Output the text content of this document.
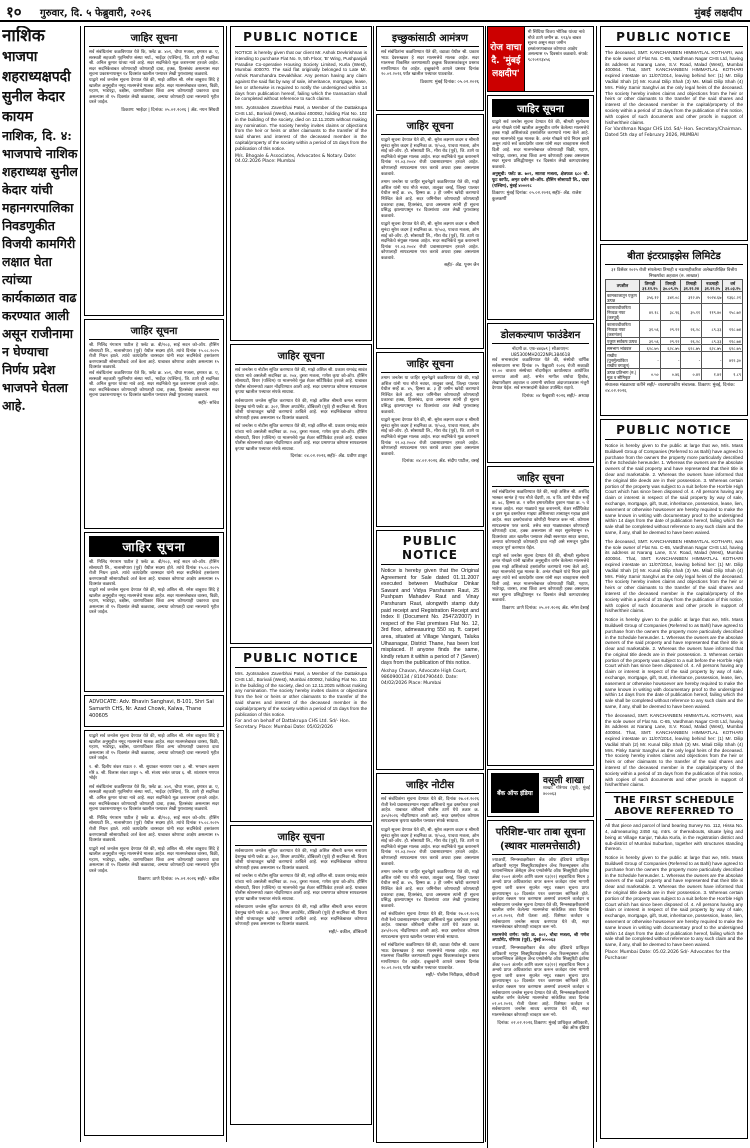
१० गुरुवार, दि. ५ फेब्रुवारी, २०२६	मुंबई लक्षदीप
नाशिक
भाजपा शहराध्यक्षपदी सुनील केदार कायम
नाशिक, दि. ४: भाजपाचे नाशिक शहराध्यक्ष सुनील केदार यांची महानगरपालिका निवडणुकीत विजयी कामगिरी लक्षात घेता त्यांच्या कार्यकाळात वाढ करण्यात आली असून राजीनामा न घेण्याचा निर्णय प्रदेश भाजपने घेतला आहे.
जाहिर सूचना
सर्व संबंधितांना कळविण्यात येते कि, फ्लॅट क्र. ४०१, चौथा मजला, इमारत क्र. ए, सरस्वती सहकारी गृहनिर्माण संस्था मर्या., भाईंदर (पश्चिम), जि. ठाणे ही सदनिका श्री. अनिल कुमार यांच्या नावे आहे. सदर सदनिकेचे मूळ करारनामा हरवले आहेत. सदर सदनिकेबाबत कोणाचाही कोणताही दावा, हक्क, हितसंबंध असल्यास सदर सूचना प्रकाशनापासून १४ दिवसांत खालील पत्त्यावर लेखी पुराव्यासह कळवावे.
याद्वारे सर्व जनतेस सूचना देण्यात येते की, माझे अशिल श्री. रमेश बाबुराव शिंदे हे खालील अनुसूचीत नमूद मालमत्तेचे मालक आहेत. सदर मालमत्तेबाबत वारसा, विक्री, गहाण, भाडेपट्टा, बक्षीस, धारणाधिकार किंवा अन्य कोणत्याही प्रकारचा दावा असल्यास तो १५ दिवसांत लेखी कळवावा, अन्यथा कोणताही दावा नसल्याचे गृहीत धरले जाईल.
ठिकाण: भाईंदर | दिनांक: ०५.०२.२०२६ | ॲड. नयन सिंघवी
जाहिर सूचना
श्री. मिलिंद गंगाराम पाटील हे फ्लॅट क्र. बी/१०३, साई सदन को-ऑप. हौसिंग सोसायटी लि., नालासोपारा (पूर्व) येथील सदस्य होते. त्यांचे दिनांक १५.०८.२०२५ रोजी निधन झाले. त्यांचे कायदेशीर वारसदार यांनी सदर सदनिकेचे हस्तांतरण करण्यासाठी सोसायटीकडे अर्ज केला आहे. याबाबत कोणाचा आक्षेप असल्यास १५ दिवसांत कळवावे.
सर्व संबंधितांना कळविण्यात येते कि, फ्लॅट क्र. ४०१, चौथा मजला, इमारत क्र. ए, सरस्वती सहकारी गृहनिर्माण संस्था मर्या., भाईंदर (पश्चिम), जि. ठाणे ही सदनिका श्री. अनिल कुमार यांच्या नावे आहे. सदर सदनिकेचे मूळ करारनामा हरवले आहेत. सदर सदनिकेबाबत कोणाचाही कोणताही दावा, हक्क, हितसंबंध असल्यास सदर सूचना प्रकाशनापासून १४ दिवसांत खालील पत्त्यावर लेखी पुराव्यासह कळवावे.
सही/- सचिव
जाहिर सूचना
श्री. मिलिंद गंगाराम पाटील हे फ्लॅट क्र. बी/१०३, साई सदन को-ऑप. हौसिंग सोसायटी लि., नालासोपारा (पूर्व) येथील सदस्य होते. त्यांचे दिनांक १५.०८.२०२५ रोजी निधन झाले. त्यांचे कायदेशीर वारसदार यांनी सदर सदनिकेचे हस्तांतरण करण्यासाठी सोसायटीकडे अर्ज केला आहे. याबाबत कोणाचा आक्षेप असल्यास १५ दिवसांत कळवावे.
याद्वारे सर्व जनतेस सूचना देण्यात येते की, माझे अशिल श्री. रमेश बाबुराव शिंदे हे खालील अनुसूचीत नमूद मालमत्तेचे मालक आहेत. सदर मालमत्तेबाबत वारसा, विक्री, गहाण, भाडेपट्टा, बक्षीस, धारणाधिकार किंवा अन्य कोणत्याही प्रकारचा दावा असल्यास तो १५ दिवसांत लेखी कळवावा, अन्यथा कोणताही दावा नसल्याचे गृहीत धरले जाईल.
ADVOCATE: Adv. Bhavin Sanghavi, B-101, Shri Sai Samarth CHS, Nr. Azad Chowk, Kalwa, Thane 400605
याद्वारे सर्व जनतेस सूचना देण्यात येते की, माझे अशिल श्री. रमेश बाबुराव शिंदे हे खालील अनुसूचीत नमूद मालमत्तेचे मालक आहेत. सदर मालमत्तेबाबत वारसा, विक्री, गहाण, भाडेपट्टा, बक्षीस, धारणाधिकार किंवा अन्य कोणत्याही प्रकारचा दावा असल्यास तो १५ दिवसांत लेखी कळवावा, अन्यथा कोणताही दावा नसल्याचे गृहीत धरले जाईल.
१. श्री. दिलीप शंकर राऊत २. श्री. सुधाकर नारायण पवार ३. श्री. भगवान लक्ष्मण मोरे ४. श्री. विलास शंकर ठाकूर ५. श्री. संजय वसंत जाधव ६. श्री. शांताराम गणपत भोईर
सर्व संबंधितांना कळविण्यात येते कि, फ्लॅट क्र. ४०१, चौथा मजला, इमारत क्र. ए, सरस्वती सहकारी गृहनिर्माण संस्था मर्या., भाईंदर (पश्चिम), जि. ठाणे ही सदनिका श्री. अनिल कुमार यांच्या नावे आहे. सदर सदनिकेचे मूळ करारनामा हरवले आहेत. सदर सदनिकेबाबत कोणाचाही कोणताही दावा, हक्क, हितसंबंध असल्यास सदर सूचना प्रकाशनापासून १४ दिवसांत खालील पत्त्यावर लेखी पुराव्यासह कळवावे.
श्री. मिलिंद गंगाराम पाटील हे फ्लॅट क्र. बी/१०३, साई सदन को-ऑप. हौसिंग सोसायटी लि., नालासोपारा (पूर्व) येथील सदस्य होते. त्यांचे दिनांक १५.०८.२०२५ रोजी निधन झाले. त्यांचे कायदेशीर वारसदार यांनी सदर सदनिकेचे हस्तांतरण करण्यासाठी सोसायटीकडे अर्ज केला आहे. याबाबत कोणाचा आक्षेप असल्यास १५ दिवसांत कळवावे.
याद्वारे सर्व जनतेस सूचना देण्यात येते की, माझे अशिल श्री. रमेश बाबुराव शिंदे हे खालील अनुसूचीत नमूद मालमत्तेचे मालक आहेत. सदर मालमत्तेबाबत वारसा, विक्री, गहाण, भाडेपट्टा, बक्षीस, धारणाधिकार किंवा अन्य कोणत्याही प्रकारचा दावा असल्यास तो १५ दिवसांत लेखी कळवावा, अन्यथा कोणताही दावा नसल्याचे गृहीत धरले जाईल.
ठिकाण: ठाणे दिनांक: ०५.०२.२०२६ सही/- वकील
PUBLIC NOTICE
NOTICE is hereby given that our client Mr. Ashok Devkrishnan is intending to purchase Flat No. 9, 5th Floor, 'B' Wing, Pushpanjali Paradise Co-operative Housing Society Limited, Kurla (West), Mumbai 400070. The said flat originally belonged to Late Mr. Ashok Ramchandra Devakhikar. Any person having any claim against the said flat by way of sale, inheritance, mortgage, lease, lien or otherwise is required to notify the undersigned within 14 days from publication hereof, failing which the transaction shall be completed without reference to such claims.
Mrs. Jyotsnaben Zaverbhai Patel, a Member of the Dattakrupa CHS Ltd., Borivali (West), Mumbai 400092, holding Flat No. 102 in the building of the society, died on 12.11.2025 without making any nomination. The society hereby invites claims or objections from the heir or heirs or other claimants to the transfer of the said shares and interest of the deceased member in the capital/property of the society within a period of 15 days from the publication of this notice.
M/s. Bhogale & Associates, Advocates & Notary. Date: 04.02.2026 Place: Mumbai
जाहिर सूचना
सर्व जनतेस य नोटीस सूचित करण्यात येते की, माझे अशिल श्री. प्रकाश रामचंद्र सावंत यांच्या नावे असलेली सदनिका क्र. २०४, दुसरा मजला, गणेश कृपा को-ऑप. हौसिंग सोसायटी, विरार (पश्चिम) या मालमत्तेचे मूळ शेअर सर्टिफिकेट हरवले आहे. याबाबत पोलीस स्टेशनमध्ये तक्रार नोंदविण्यात आली आहे. सदर प्रमाणपत्र कोणास सापडल्यास कृपया खालील पत्त्यावर संपर्क साधावा.
सर्वसाधारण जनतेस सूचित करण्यात येते की, माझे अशिल श्रीमती कमल नारायण देशमुख यांनी फ्लॅट क्र. ३०२, शिवम अपार्टमेंट, डोंबिवली (पूर्व) ही सदनिका श्री. विजय जोशी यांच्याकडून खरेदी करण्याचे ठरविले आहे. सदर सदनिकेबाबत कोणाचा कोणताही हक्क असल्यास १४ दिवसांत कळवावे.
सर्व जनतेस य नोटीस सूचित करण्यात येते की, माझे अशिल श्री. प्रकाश रामचंद्र सावंत यांच्या नावे असलेली सदनिका क्र. २०४, दुसरा मजला, गणेश कृपा को-ऑप. हौसिंग सोसायटी, विरार (पश्चिम) या मालमत्तेचे मूळ शेअर सर्टिफिकेट हरवले आहे. याबाबत पोलीस स्टेशनमध्ये तक्रार नोंदविण्यात आली आहे. सदर प्रमाणपत्र कोणास सापडल्यास कृपया खालील पत्त्यावर संपर्क साधावा.
दिनांक: ०४.०२.२०२६ सही/- ॲड. प्रवीण ठाकूर
PUBLIC NOTICE
Mrs. Jyotsnaben Zaverbhai Patel, a Member of the Dattakrupa CHS Ltd., Borivali (West), Mumbai 400092, holding Flat No. 102 in the building of the society, died on 12.11.2025 without making any nomination. The society hereby invites claims or objections from the heir or heirs or other claimants to the transfer of the said shares and interest of the deceased member in the capital/property of the society within a period of 15 days from the publication of this notice.
For and on behalf of Dattakrupa CHS Ltd. Sd/- Hon. Secretary. Place: Mumbai Date: 05/02/2026
जाहिर सूचना
सर्वसाधारण जनतेस सूचित करण्यात येते की, माझे अशिल श्रीमती कमल नारायण देशमुख यांनी फ्लॅट क्र. ३०२, शिवम अपार्टमेंट, डोंबिवली (पूर्व) ही सदनिका श्री. विजय जोशी यांच्याकडून खरेदी करण्याचे ठरविले आहे. सदर सदनिकेबाबत कोणाचा कोणताही हक्क असल्यास १४ दिवसांत कळवावे.
सर्व जनतेस य नोटीस सूचित करण्यात येते की, माझे अशिल श्री. प्रकाश रामचंद्र सावंत यांच्या नावे असलेली सदनिका क्र. २०४, दुसरा मजला, गणेश कृपा को-ऑप. हौसिंग सोसायटी, विरार (पश्चिम) या मालमत्तेचे मूळ शेअर सर्टिफिकेट हरवले आहे. याबाबत पोलीस स्टेशनमध्ये तक्रार नोंदविण्यात आली आहे. सदर प्रमाणपत्र कोणास सापडल्यास कृपया खालील पत्त्यावर संपर्क साधावा.
सर्वसाधारण जनतेस सूचित करण्यात येते की, माझे अशिल श्रीमती कमल नारायण देशमुख यांनी फ्लॅट क्र. ३०२, शिवम अपार्टमेंट, डोंबिवली (पूर्व) ही सदनिका श्री. विजय जोशी यांच्याकडून खरेदी करण्याचे ठरविले आहे. सदर सदनिकेबाबत कोणाचा कोणताही हक्क असल्यास १४ दिवसांत कळवावे.
सही/- वकील, डोंबिवली
इच्छुकांसाठी आमंत्रण
सर्व संबंधितांना कळविण्यात येते की, वडाळा येथील श्री. प्रकाश भाऊ देवरूखकर हे सदर मालमत्तेचे मालक आहेत. सदर मालमत्ता विकसित करण्यासाठी इच्छुक विकासकांकडून प्रस्ताव मागविण्यात येत आहेत. इच्छुकांनी आपले प्रस्ताव दिनांक २०.०२.२०२६ पर्यंत खालील पत्त्यावर पाठवावेत.
ठिकाण: मुंबई दिनांक: ०५.०२.२०२६
जाहिर सूचना
याद्वारे सूचना देण्यात येते की, श्री. सुरेश लक्ष्मण कदम व श्रीमती सुनंदा सुरेश कदम हे सदनिका क्र. ए/५०३, पाचवा मजला, ओम साई को-ऑप. हौ. सोसायटी लि., मीरा रोड (पूर्व), जि. ठाणे या सदनिकेचे संयुक्त मालक आहेत. सदर सदनिकेचे मूळ करारनामे दिनांक १२.०३.२००४ रोजी प्रवासादरम्यान हरवले आहेत. कोणालाही सापडल्यास परत करावे अथवा हक्क असल्यास कळवावे.
तमाम जनतेस या जाहिर सूचनेद्वारे कळविण्यात येते की, माझे अशिल यांनी गाव मौजे नवघर, तालुका वसई, जिल्हा पालघर येथील सर्व्हे क्र. ४५, हिस्सा क्र. ३ ही जमीन खरेदी करण्याचे निश्चित केले आहे. सदर जमिनीवर कोणाचाही कोणत्याही प्रकारचा हक्क, हितसंबंध, दावा असल्यास त्यांनी ही सूचना प्रसिद्ध झाल्यापासून १४ दिवसांच्या आत लेखी पुराव्यासह कळवावे.
याद्वारे सूचना देण्यात येते की, श्री. सुरेश लक्ष्मण कदम व श्रीमती सुनंदा सुरेश कदम हे सदनिका क्र. ए/५०३, पाचवा मजला, ओम साई को-ऑप. हौ. सोसायटी लि., मीरा रोड (पूर्व), जि. ठाणे या सदनिकेचे संयुक्त मालक आहेत. सदर सदनिकेचे मूळ करारनामे दिनांक १२.०३.२००४ रोजी प्रवासादरम्यान हरवले आहेत. कोणालाही सापडल्यास परत करावे अथवा हक्क असल्यास कळवावे.
सही/- ॲड. पूनम जैन
जाहिर सूचना
तमाम जनतेस या जाहिर सूचनेद्वारे कळविण्यात येते की, माझे अशिल यांनी गाव मौजे नवघर, तालुका वसई, जिल्हा पालघर येथील सर्व्हे क्र. ४५, हिस्सा क्र. ३ ही जमीन खरेदी करण्याचे निश्चित केले आहे. सदर जमिनीवर कोणाचाही कोणत्याही प्रकारचा हक्क, हितसंबंध, दावा असल्यास त्यांनी ही सूचना प्रसिद्ध झाल्यापासून १४ दिवसांच्या आत लेखी पुराव्यासह कळवावे.
याद्वारे सूचना देण्यात येते की, श्री. सुरेश लक्ष्मण कदम व श्रीमती सुनंदा सुरेश कदम हे सदनिका क्र. ए/५०३, पाचवा मजला, ओम साई को-ऑप. हौ. सोसायटी लि., मीरा रोड (पूर्व), जि. ठाणे या सदनिकेचे संयुक्त मालक आहेत. सदर सदनिकेचे मूळ करारनामे दिनांक १२.०३.२००४ रोजी प्रवासादरम्यान हरवले आहेत. कोणालाही सापडल्यास परत करावे अथवा हक्क असल्यास कळवावे.
दिनांक: ०४.०२.२०२६ ॲड. संदीप पाटील, वसई
PUBLIC NOTICE
Notice is hereby given that the Original Agreement for Sale dated 01.11.2007 executed between Madhukar Dinkar Sawant and Vidya Parshuram Raut, 25 Pushpam Mahadev Raut and Vinay Parshuram Raut, alongwith stamp duty paid receipt and Registration Receipt and Index II (Document No. 25472/2007) in respect of the Flat premises Flat No. 12, 3rd floor, admeasuring 550 sq. ft. carpet area, situated at Village Vangani, Taluka Ulhasnagar, District Thane, has been lost misplaced. If anyone finds the same, kindly return it within a period of 7 (Seven) days from the publication of this notice.
Akshay Chavan, Advocate High Court, 9860900134 / 8104790440. Date: 04/02/2026 Place: Mumbai
जाहिर नोटीस
सर्व संबंधितांना सूचना देण्यात येते की, दिनांक २७.०१.२०२६ रोजी रेल्वे प्रवासादरम्यान माझ्या अशिलाचे मूळ दस्तऐवज हरवले आहेत. याबाबत बोरीवली पोलीस ठाणे येथे तक्रार क्र. ३४५/२०२६ नोंदविण्यात आली आहे. सदर दस्तऐवज कोणास सापडल्यास कृपया खालील पत्त्यावर संपर्क साधावा.
याद्वारे सूचना देण्यात येते की, श्री. सुरेश लक्ष्मण कदम व श्रीमती सुनंदा सुरेश कदम हे सदनिका क्र. ए/५०३, पाचवा मजला, ओम साई को-ऑप. हौ. सोसायटी लि., मीरा रोड (पूर्व), जि. ठाणे या सदनिकेचे संयुक्त मालक आहेत. सदर सदनिकेचे मूळ करारनामे दिनांक १२.०३.२००४ रोजी प्रवासादरम्यान हरवले आहेत. कोणालाही सापडल्यास परत करावे अथवा हक्क असल्यास कळवावे.
तमाम जनतेस या जाहिर सूचनेद्वारे कळविण्यात येते की, माझे अशिल यांनी गाव मौजे नवघर, तालुका वसई, जिल्हा पालघर येथील सर्व्हे क्र. ४५, हिस्सा क्र. ३ ही जमीन खरेदी करण्याचे निश्चित केले आहे. सदर जमिनीवर कोणाचाही कोणत्याही प्रकारचा हक्क, हितसंबंध, दावा असल्यास त्यांनी ही सूचना प्रसिद्ध झाल्यापासून १४ दिवसांच्या आत लेखी पुराव्यासह कळवावे.
सर्व संबंधितांना सूचना देण्यात येते की, दिनांक २७.०१.२०२६ रोजी रेल्वे प्रवासादरम्यान माझ्या अशिलाचे मूळ दस्तऐवज हरवले आहेत. याबाबत बोरीवली पोलीस ठाणे येथे तक्रार क्र. ३४५/२०२६ नोंदविण्यात आली आहे. सदर दस्तऐवज कोणास सापडल्यास कृपया खालील पत्त्यावर संपर्क साधावा.
सर्व संबंधितांना कळविण्यात येते की, वडाळा येथील श्री. प्रकाश भाऊ देवरूखकर हे सदर मालमत्तेचे मालक आहेत. सदर मालमत्ता विकसित करण्यासाठी इच्छुक विकासकांकडून प्रस्ताव मागविण्यात येत आहेत. इच्छुकांनी आपले प्रस्ताव दिनांक २०.०२.२०२६ पर्यंत खालील पत्त्यावर पाठवावेत.
सही/- पोलीस निरीक्षक, बोरीवली
PUBLIC NOTICE
The deceased, SMT. KANCHANBEN HIMMATLAL KOTHARI, was the sole owner of Flat No. C-65, Vardhman Nagar CHS Ltd, having its address at Narang Lane, S.V. Road, Malad (West), Mumbai 400064. That, SMT. KANCHANBEN HIMMATLAL KOTHARI expired intestate on 11/07/2014, leaving behind her: (1) Mr. Dilip Vadilal Shah (2) Mr. Kunal Dilip Shah (3) Ms. Mitali Dilip Shah (4) Mrs. Pinky Samir Sanghvi as the only legal heirs of the deceased. The society hereby invites claims and objections from the heir or heirs or other claimants to the transfer of the said shares and interest of the deceased member in the capital/property of the society within a period of 15 days from the publication of this notice, with copies of such documents and other proofs in support of his/her/their claims.
For Vardhman Nagar CHS Ltd. Sd/- Hon. Secretary/Chairman. Dated 5th day of February 2026, MUMBAI
बीता इंटरप्राइझेस लिमिटेड
३१ डिसेंबर २०२५ रोजी संपलेल्या तिमाही व नऊमाहीकरिता अलेखापरिक्षित वित्तीय निष्कर्षाचा अहवाल (रु. लाखात)
तपशील	तिमाही ३१.१२.२५	तिमाही ३०.०९.२५	तिमाही ३१.१२.२४	नऊमाही ३१.१२.२५	वर्ष ३१.०३.२५
कामकाजातून एकूण उत्पन्न	३५६.१२	३४१.०८	३१२.४५	१०२४.६७	१३६८.२१
कालावधीकरिता निव्वळ नफा (करपूर्व)	४२.१८	३८.९६	३५.११	११९.४०	१५८.७२
कालावधीकरिता निव्वळ नफा (करानंतर)	३१.५६	२९.१२	२६.२८	८९.३३	११८.७४
एकूण सर्वंकष उत्पन्न	३१.५६	२९.१२	२६.२८	८९.३३	११८.७४
समभाग भांडवल	६२८.७५	६२८.७५	६२८.७५	६२८.७५	६२८.७५
राखीव (पुनर्मुल्यांकित राखीव वगळून)	-	-	-	-	४१२.३०
उत्पन्न प्रतिभाग (रु.) मूळ व सौमिकृत	०.५०	०.४६	०.४२	१.४२	१.८९
संचालक मंडळाच्या वतीने सही/- व्यवस्थापकीय संचालक. ठिकाण: मुंबई, दिनांक: ०४.०२.२०२६
PUBLIC NOTICE
Notice is hereby given to the public at large that we, M/s. Mass Buildwell Group of Companies (Referred to as Bahl) have agreed to purchase from the owners the property more particularly described in the Schedule hereunder. 1. Whereas the owners are the absolute owners of the said property and have represented that their title is clear and marketable. 2. Whereas the owners have informed that the original title deeds are in their possession. 3. Whereas certain portion of the property was subject to a suit before the Hon'ble High Court which has since been disposed of. 4. All persons having any claim or interest in respect of the said property by way of sale, exchange, mortgage, gift, trust, inheritance, possession, lease, lien, easement or otherwise howsoever are hereby required to make the same known in writing with documentary proof to the undersigned within 14 days from the date of publication hereof, failing which the sale shall be completed without reference to any such claim and the same, if any, shall be deemed to have been waived.
The deceased, SMT. KANCHANBEN HIMMATLAL KOTHARI, was the sole owner of Flat No. C-65, Vardhman Nagar CHS Ltd, having its address at Narang Lane, S.V. Road, Malad (West), Mumbai 400064. That, SMT. KANCHANBEN HIMMATLAL KOTHARI expired intestate on 11/07/2014, leaving behind her: (1) Mr. Dilip Vadilal Shah (2) Mr. Kunal Dilip Shah (3) Ms. Mitali Dilip Shah (4) Mrs. Pinky Samir Sanghvi as the only legal heirs of the deceased. The society hereby invites claims and objections from the heir or heirs or other claimants to the transfer of the said shares and interest of the deceased member in the capital/property of the society within a period of 15 days from the publication of this notice, with copies of such documents and other proofs in support of his/her/their claims.
Notice is hereby given to the public at large that we, M/s. Mass Buildwell Group of Companies (Referred to as Bahl) have agreed to purchase from the owners the property more particularly described in the Schedule hereunder. 1. Whereas the owners are the absolute owners of the said property and have represented that their title is clear and marketable. 2. Whereas the owners have informed that the original title deeds are in their possession. 3. Whereas certain portion of the property was subject to a suit before the Hon'ble High Court which has since been disposed of. 4. All persons having any claim or interest in respect of the said property by way of sale, exchange, mortgage, gift, trust, inheritance, possession, lease, lien, easement or otherwise howsoever are hereby required to make the same known in writing with documentary proof to the undersigned within 14 days from the date of publication hereof, failing which the sale shall be completed without reference to any such claim and the same, if any, shall be deemed to have been waived.
The deceased, SMT. KANCHANBEN HIMMATLAL KOTHARI, was the sole owner of Flat No. C-65, Vardhman Nagar CHS Ltd, having its address at Narang Lane, S.V. Road, Malad (West), Mumbai 400064. That, SMT. KANCHANBEN HIMMATLAL KOTHARI expired intestate on 11/07/2014, leaving behind her: (1) Mr. Dilip Vadilal Shah (2) Mr. Kunal Dilip Shah (3) Ms. Mitali Dilip Shah (4) Mrs. Pinky Samir Sanghvi as the only legal heirs of the deceased. The society hereby invites claims and objections from the heir or heirs or other claimants to the transfer of the said shares and interest of the deceased member in the capital/property of the society within a period of 15 days from the publication of this notice, with copies of such documents and other proofs in support of his/her/their claims.
THE FIRST SCHEDULE ABOVE REFERRED TO
All that piece and parcel of land bearing Survey No. 112, Hissa No. 4, admeasuring 2450 sq. mtrs. or thereabouts, situate lying and being at Village Kanjur, Taluka Kurla, in the registration district and sub-district of Mumbai Suburban, together with structures standing thereon.
Notice is hereby given to the public at large that we, M/s. Mass Buildwell Group of Companies (Referred to as Bahl) have agreed to purchase from the owners the property more particularly described in the Schedule hereunder. 1. Whereas the owners are the absolute owners of the said property and have represented that their title is clear and marketable. 2. Whereas the owners have informed that the original title deeds are in their possession. 3. Whereas certain portion of the property was subject to a suit before the Hon'ble High Court which has since been disposed of. 4. All persons having any claim or interest in respect of the said property by way of sale, exchange, mortgage, gift, trust, inheritance, possession, lease, lien, easement or otherwise howsoever are hereby required to make the same known in writing with documentary proof to the undersigned within 14 days from the date of publication hereof, failing which the sale shall be completed without reference to any such claim and the same, if any, shall be deemed to have been waived.
Place: Mumbai Date: 05.02.2026 Sd/- Advocates for the Purchaser
रोज वाचा दै. 'मुंबई लक्षदीप'
मी सिंधिया विजय भौतिक यांच्या नावे मौजे ठाणे जमीन क्र. १२३/४ बाबत सूचना असून सदर जमीन हस्तांतरणाबाबत कोणाचा आक्षेप असल्यास १५ दिवसांत कळवावे. संपर्क: ९८२०१२३४५६
जाहिर सूचना
याद्वारे सर्व जनतेस सूचना देण्यात येते की, श्रीमती सुलोचना अनंत गोखले यांनी खालील अनुसूचीत वर्णन केलेल्या मालमत्तेचे हक्क माझे अशिलांकडे हस्तांतरित करण्याचे मान्य केले आहे. सदर मालमत्तेचे मूळ मालक कै. अनंत गोखले यांचे निधन झाले असून त्यांचे सर्व कायदेशीर वारस यांनी सदर व्यवहारास संमती दिली आहे. सदर मालमत्तेबाबत कोणाचाही विक्री, गहाण, भाडेपट्टा, वारसा, ताबा किंवा अन्य कोणताही हक्क असल्यास सदर सूचना प्रसिद्धीपासून १४ दिवसांत लेखी कागदपत्रांसह कळवावे.
अनुसूची: फ्लॅट क्र. ७०२, सातवा मजला, क्षेत्रफळ ६८० चौ. फूट कार्पेट, अमृत दर्शन को-ऑप. हौसिंग सोसायटी लि., दादर (पश्चिम), मुंबई ४०००२८
ठिकाण: मुंबई दिनांक: ०५.०२.२०२६ सही/- ॲड. राजेश कुलकर्णी
डोलकल्याण फाउंडेशन
नोंदणी क्र. एफ-४४६७९ | सीआयएन: U85300MH2022NPL384618
सर्व सभासदांना कळविण्यात येते की, संस्थेची वार्षिक सर्वसाधारण सभा दिनांक २५ फेब्रुवारी २०२६ रोजी सकाळी ११.०० वाजता संस्थेच्या नोंदणीकृत कार्यालयात आयोजित करण्यात आली आहे. सभेत मागील वर्षाचा हिशोब, लेखापरीक्षण अहवाल व आगामी वर्षाच्या अंदाजपत्रकास मंजुरी देण्यात येईल. सर्व सभासदांनी वेळेवर उपस्थित राहावे.
दिनांक: ०४ फेब्रुवारी २०२६ सही/- अध्यक्ष
जाहिर सूचना
सर्व संबंधितांना कळविण्यात येते की, माझे अशिल श्री. अरविंद भास्कर सामंत हे गाव मौजे चेंदणी, ता. व जि. ठाणे येथील सर्व्हे क्र. ७८, हिस्सा क्र. २ वरील इमारतीतील दुकान गाळा क्र. ५ चे मालक आहेत. सदर गाळ्याचे मूळ करारनामे, शेअर सर्टिफिकेट व इतर मूळ दस्तऐवज माझ्या अशिलाच्या ताब्यातून गहाळ झाले आहेत. सदर दस्तऐवजांचा कोणीही गैरवापर करू नये. कोणास सापडल्यास परत करावे. तसेच सदर गाळ्याबाबत कोणाचाही कोणताही दावा, हक्क असल्यास तो सदर सूचनेपासून १५ दिवसांच्या आत खालील पत्त्यावर लेखी स्वरूपात सादर करावा, अन्यथा कोणाचाही कोणताही दावा नाही असे समजून पुढील व्यवहार पूर्ण करण्यात येईल.
याद्वारे सर्व जनतेस सूचना देण्यात येते की, श्रीमती सुलोचना अनंत गोखले यांनी खालील अनुसूचीत वर्णन केलेल्या मालमत्तेचे हक्क माझे अशिलांकडे हस्तांतरित करण्याचे मान्य केले आहे. सदर मालमत्तेचे मूळ मालक कै. अनंत गोखले यांचे निधन झाले असून त्यांचे सर्व कायदेशीर वारस यांनी सदर व्यवहारास संमती दिली आहे. सदर मालमत्तेबाबत कोणाचाही विक्री, गहाण, भाडेपट्टा, वारसा, ताबा किंवा अन्य कोणताही हक्क असल्यास सदर सूचना प्रसिद्धीपासून १४ दिवसांत लेखी कागदपत्रांसह कळवावे.
ठिकाण: ठाणे दिनांक: ०५.०२.२०२६ ॲड. मंगेश देसाई
बँक ऑफ इंडिया
वसूली शाखा
शाखा: गोरेगाव (पूर्व), मुंबई ४०००६३
परिशिष्ट-चार ताबा सूचना (स्थावर मालमत्तेसाठी)
ज्याअर्थी, निम्नस्वाक्षरीकार बँक ऑफ इंडियाचे प्राधिकृत अधिकारी म्हणून सिक्युरिटायझेशन ॲन्ड रिकन्स्ट्रक्शन ऑफ फायनान्शियल ॲसेट्स ॲन्ड एन्फोर्समेंट ऑफ सिक्युरिटी इंटरेस्ट ॲक्ट २००२ अंतर्गत आणि कलम १३(१२) सहवाचिता नियम ३ अन्वये प्राप्त अधिकारांचा वापर करून कर्जदार यांना मागणी सूचना जारी करून सूचनेत नमूद रक्कम सूचना प्राप्त झाल्यापासून ६० दिवसांत परत करण्यास सांगितले होते. कर्जदार रक्कम परत करण्यास असमर्थ ठरल्याने कर्जदार व सर्वसाधारण जनतेस सूचना देण्यात येते की, निम्नस्वाक्षरीकारांनी खालील वर्णन केलेल्या मालमत्तेचा सांकेतिक ताबा दिनांक ०२.०२.२०२६ रोजी घेतला आहे. विशेषतः कर्जदार व सर्वसाधारण जनतेस सावध करण्यात येते की, सदर मालमत्तेबाबत कोणताही व्यवहार करू नये.
मालमत्तेचे वर्णन: फ्लॅट क्र. ४०२, चौथा मजला, श्री गणेश अपार्टमेंट, गोरेगाव (पूर्व), मुंबई ४०००६३
ज्याअर्थी, निम्नस्वाक्षरीकार बँक ऑफ इंडियाचे प्राधिकृत अधिकारी म्हणून सिक्युरिटायझेशन ॲन्ड रिकन्स्ट्रक्शन ऑफ फायनान्शियल ॲसेट्स ॲन्ड एन्फोर्समेंट ऑफ सिक्युरिटी इंटरेस्ट ॲक्ट २००२ अंतर्गत आणि कलम १३(१२) सहवाचिता नियम ३ अन्वये प्राप्त अधिकारांचा वापर करून कर्जदार यांना मागणी सूचना जारी करून सूचनेत नमूद रक्कम सूचना प्राप्त झाल्यापासून ६० दिवसांत परत करण्यास सांगितले होते. कर्जदार रक्कम परत करण्यास असमर्थ ठरल्याने कर्जदार व सर्वसाधारण जनतेस सूचना देण्यात येते की, निम्नस्वाक्षरीकारांनी खालील वर्णन केलेल्या मालमत्तेचा सांकेतिक ताबा दिनांक ०२.०२.२०२६ रोजी घेतला आहे. विशेषतः कर्जदार व सर्वसाधारण जनतेस सावध करण्यात येते की, सदर मालमत्तेबाबत कोणताही व्यवहार करू नये.
दिनांक: ०२.०२.२०२६ ठिकाण: मुंबई प्राधिकृत अधिकारी, बँक ऑफ इंडिया
